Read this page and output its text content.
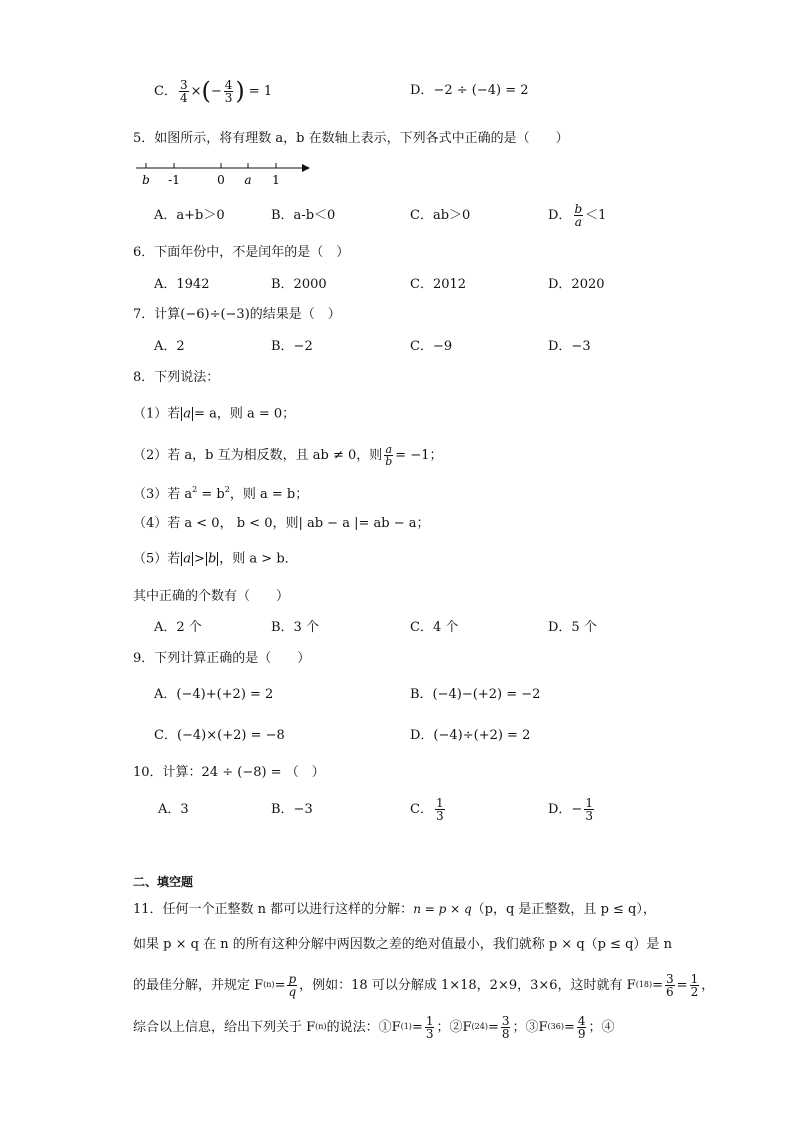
C． $\frac{3}{4}$ × ( − $\frac{4}{3}$ ) = 1	D．−2 ÷ (−4) = 2
5．如图所示，将有理数 a，b 在数轴上表示，下列各式中正确的是（　　）
b -1	0 a 1
A．a+b＞0	B．a-b＜0	C．ab＞0	D． $\frac{b}{a} <1$
6．下面年份中，不是闰年的是（　）
A．1942	B．2000	C．2012	D．2020
7．计算(−6)÷(−3)的结果是（　）
A．2	B．−2	C．−9	D．−3
8．下列说法：
（1）若 a = a，则 a = 0；
（2）若 a，b 互为相反数，且 ab ≠ 0，则 $\frac{a}{b} = -1$；
（3）若 $a^2 = b^2$，则 a = b；
（4）若 a < 0， b < 0，则| ab − a |= ab − a；
（5）若 a > b ，则 a > b．
其中正确的个数有（　　）
A．2 个	B．3 个	C．4 个	D．5 个
9．下列计算正确的是（　　）
A．(−4)+(+2) = 2	B．(−4)−(+2) = −2
C．(−4)×(+2) = −8	D．(−4)÷(+2) = 2
10．计算：24 ÷ (−8) = （　）
A．3	B．−3	C． $\frac{1}{3}$	D．− $\frac{1}{3}$
二、填空题
11．任何一个正整数 n 都可以进行这样的分解：n = p × q（p，q 是正整数，且 p ≤ q），
如果 p × q 在 n 的所有这种分解中两因数之差的绝对值最小，我们就称 p × q（p ≤ q）是 n
的最佳分解，并规定 F $(n) = \frac{p}{q}$ ，例如：18 可以分解成 1×18，2×9，3×6，这时就有 F $(18) = \frac{3}{6} = \frac{1}{2}$ ，
综合以上信息，给出下列关于 F (n) 的说法：①F $(1) = \frac{1}{3}$ ；②F $(24) = \frac{3}{8}$ ；③F $(36) = \frac{4}{9}$ ；④
